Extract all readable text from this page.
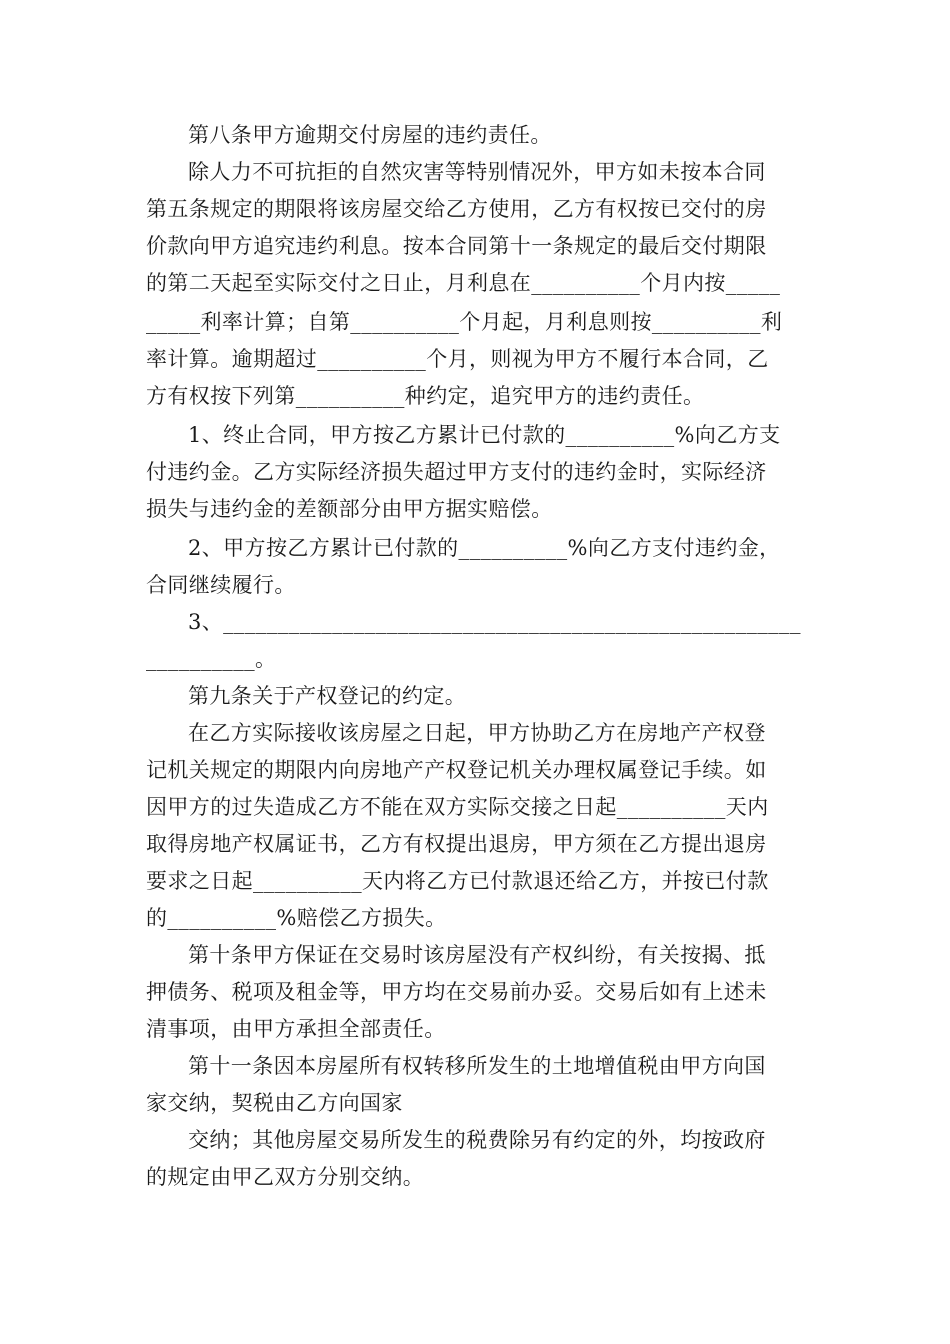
第八条甲方逾期交付房屋的违约责任。
除人力不可抗拒的自然灾害等特别情况外，甲方如未按本合同
第五条规定的期限将该房屋交给乙方使用，乙方有权按已交付的房
价款向甲方追究违约利息。按本合同第十一条规定的最后交付期限
的第二天起至实际交付之日止，月利息在__________个月内按_____
_____利率计算；自第__________个月起，月利息则按__________利
率计算。逾期超过__________个月，则视为甲方不履行本合同，乙
方有权按下列第__________种约定，追究甲方的违约责任。
1、终止合同，甲方按乙方累计已付款的__________%向乙方支
付违约金。乙方实际经济损失超过甲方支付的违约金时，实际经济
损失与违约金的差额部分由甲方据实赔偿。
2、甲方按乙方累计已付款的__________%向乙方支付违约金，
合同继续履行。
3、_____________________________________________________
__________。
第九条关于产权登记的约定。
在乙方实际接收该房屋之日起，甲方协助乙方在房地产产权登
记机关规定的期限内向房地产产权登记机关办理权属登记手续。如
因甲方的过失造成乙方不能在双方实际交接之日起__________天内
取得房地产权属证书，乙方有权提出退房，甲方须在乙方提出退房
要求之日起__________天内将乙方已付款退还给乙方，并按已付款
的__________%赔偿乙方损失。
第十条甲方保证在交易时该房屋没有产权纠纷，有关按揭、抵
押债务、税项及租金等，甲方均在交易前办妥。交易后如有上述未
清事项，由甲方承担全部责任。
第十一条因本房屋所有权转移所发生的土地增值税由甲方向国
家交纳，契税由乙方向国家
交纳；其他房屋交易所发生的税费除另有约定的外，均按政府
的规定由甲乙双方分别交纳。
